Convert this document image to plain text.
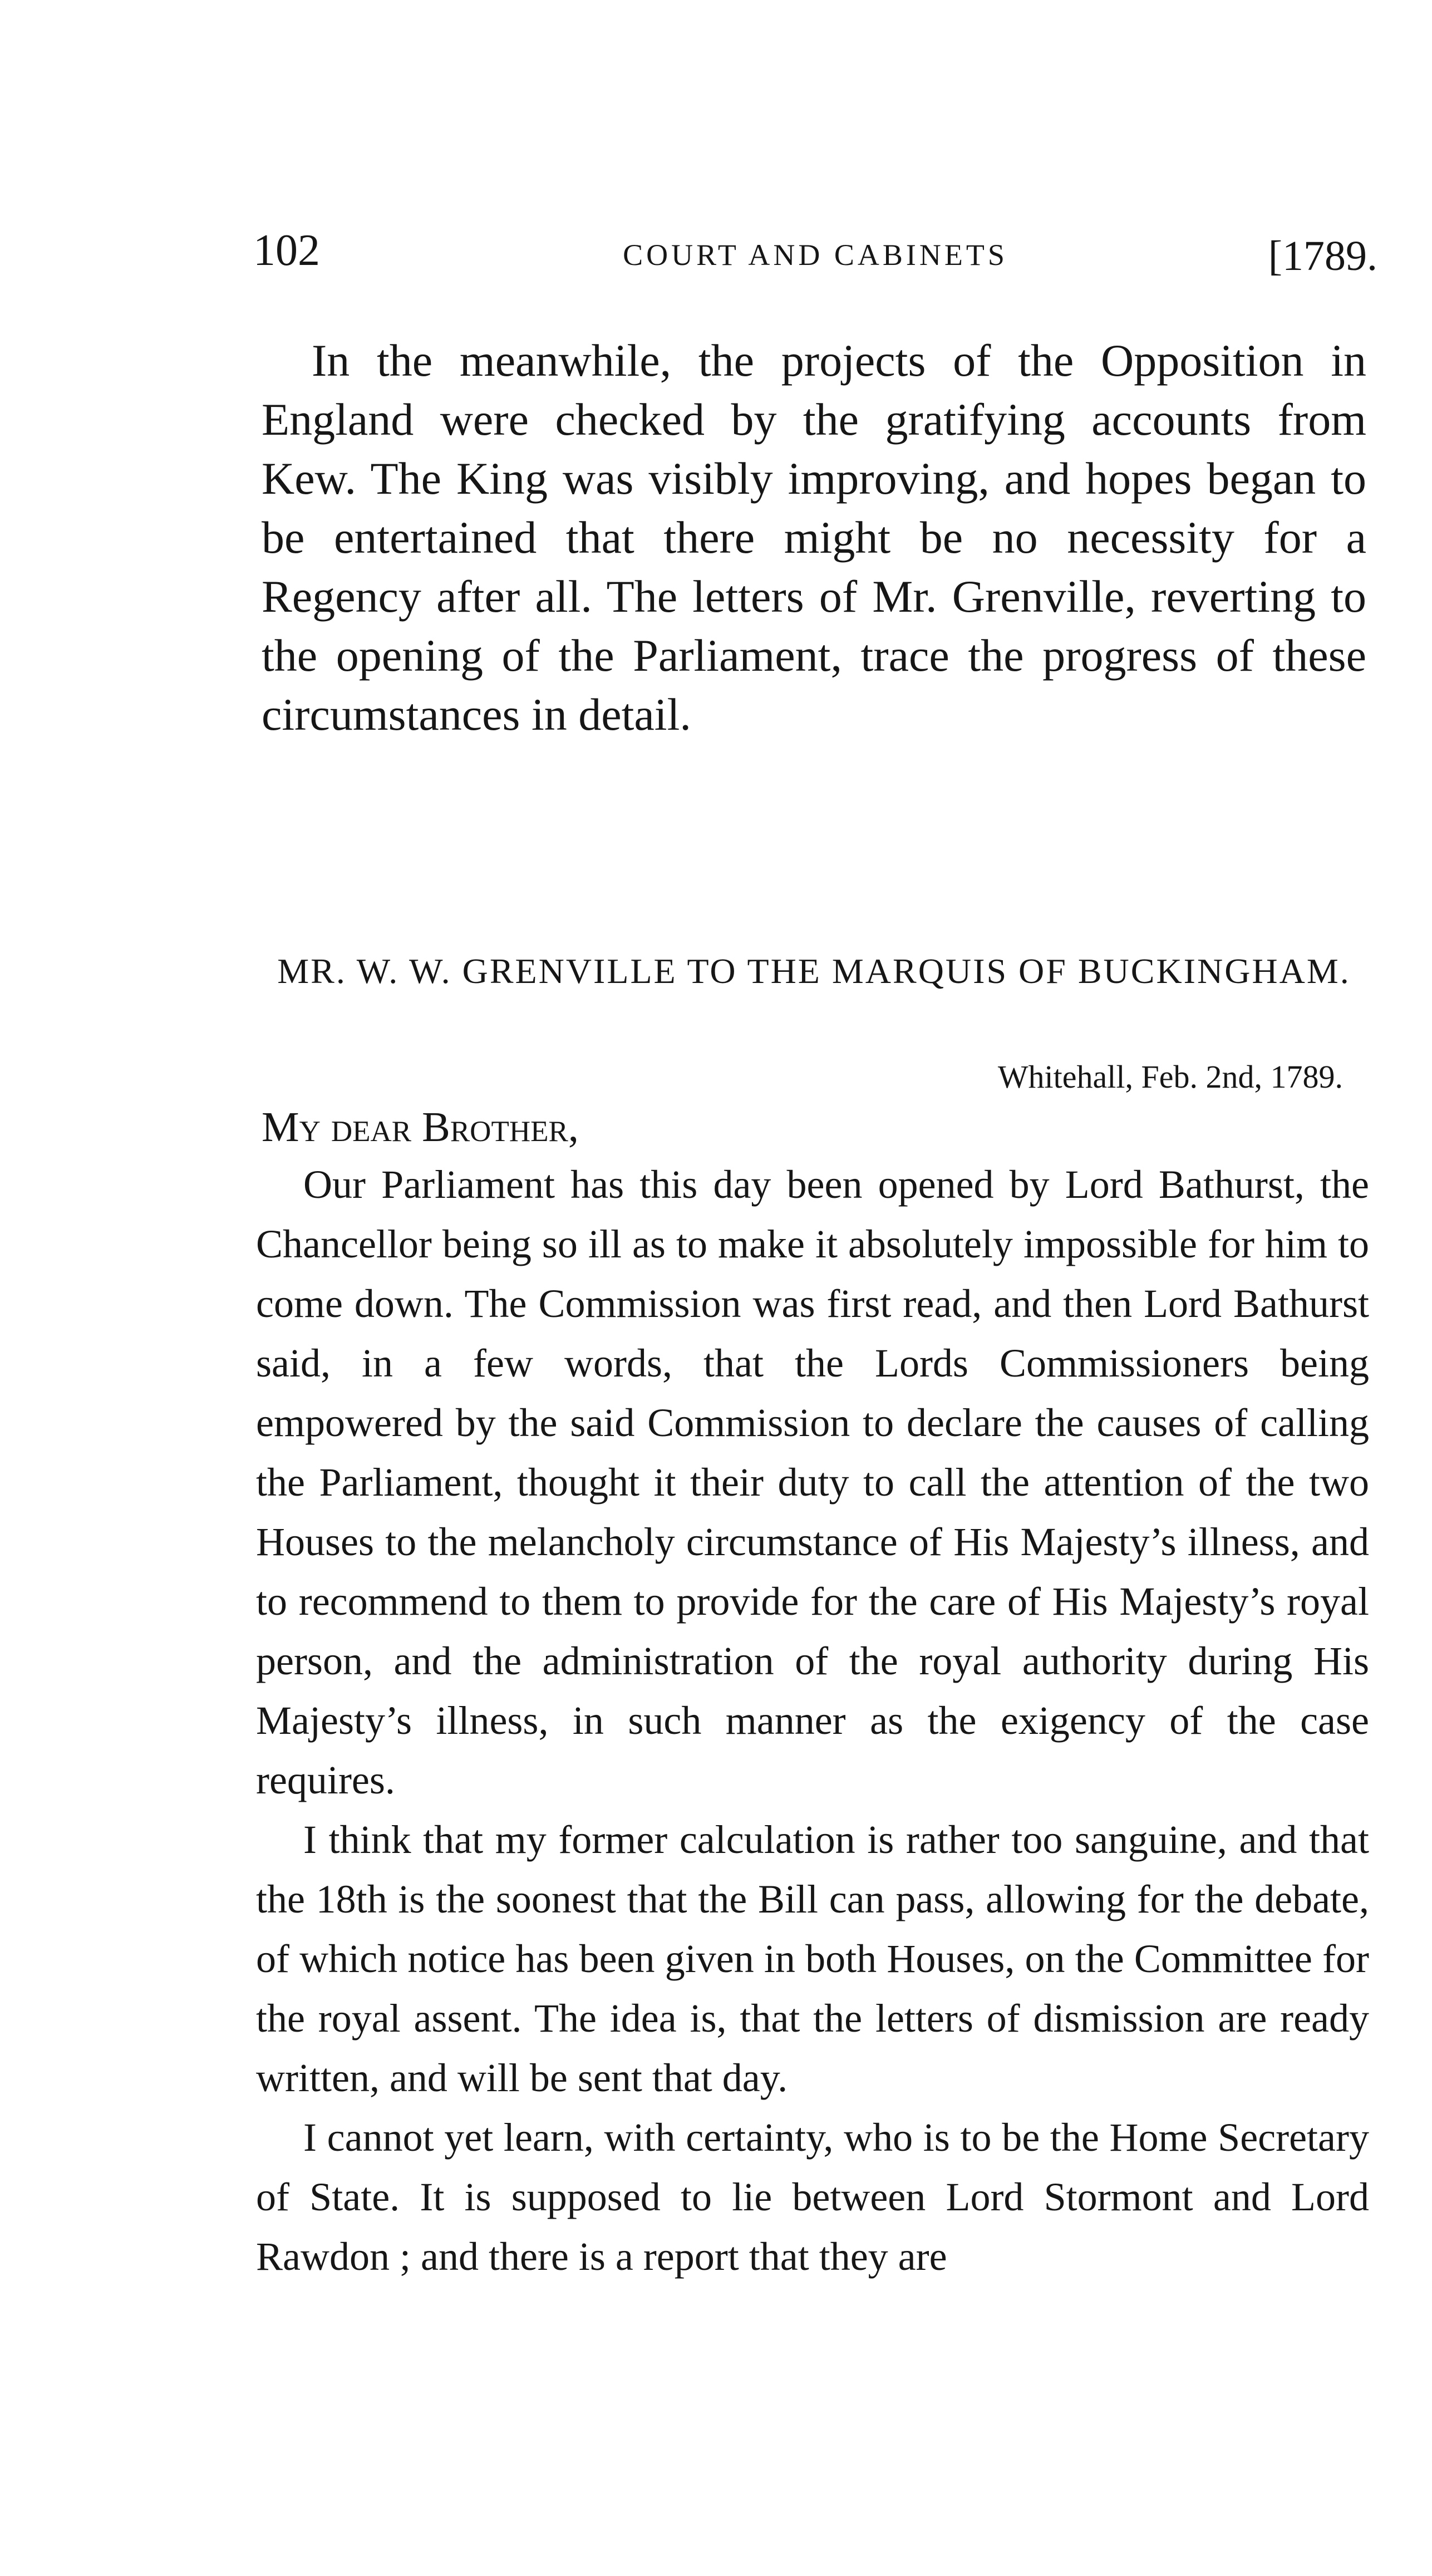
102	COURT AND CABINETS	[1789.

In the meanwhile, the projects of the Opposition in England were checked by the gratifying accounts from Kew. The King was visibly improving, and hopes began to be entertained that there might be no necessity for a Regency after all. The letters of Mr. Grenville, reverting to the opening of the Parliament, trace the progress of these circumstances in detail.

MR. W. W. GRENVILLE TO THE MARQUIS OF BUCKINGHAM.
Whitehall, Feb. 2nd, 1789.
My dear Brother,

Our Parliament has this day been opened by Lord Bathurst, the Chancellor being so ill as to make it absolutely impossible for him to come down. The Commission was first read, and then Lord Bathurst said, in a few words, that the Lords Commissioners being empowered by the said Commission to declare the causes of calling the Parliament, thought it their duty to call the attention of the two Houses to the melancholy circumstance of His Majesty’s illness, and to recommend to them to provide for the care of His Majesty’s royal person, and the administration of the royal authority during His Majesty’s illness, in such manner as the exigency of the case requires.

I think that my former calculation is rather too sanguine, and that the 18th is the soonest that the Bill can pass, allowing for the debate, of which notice has been given in both Houses, on the Committee for the royal assent. The idea is, that the letters of dismission are ready written, and will be sent that day.

I cannot yet learn, with certainty, who is to be the Home Secretary of State. It is supposed to lie between Lord Stormont and Lord Rawdon ; and there is a report that they are
